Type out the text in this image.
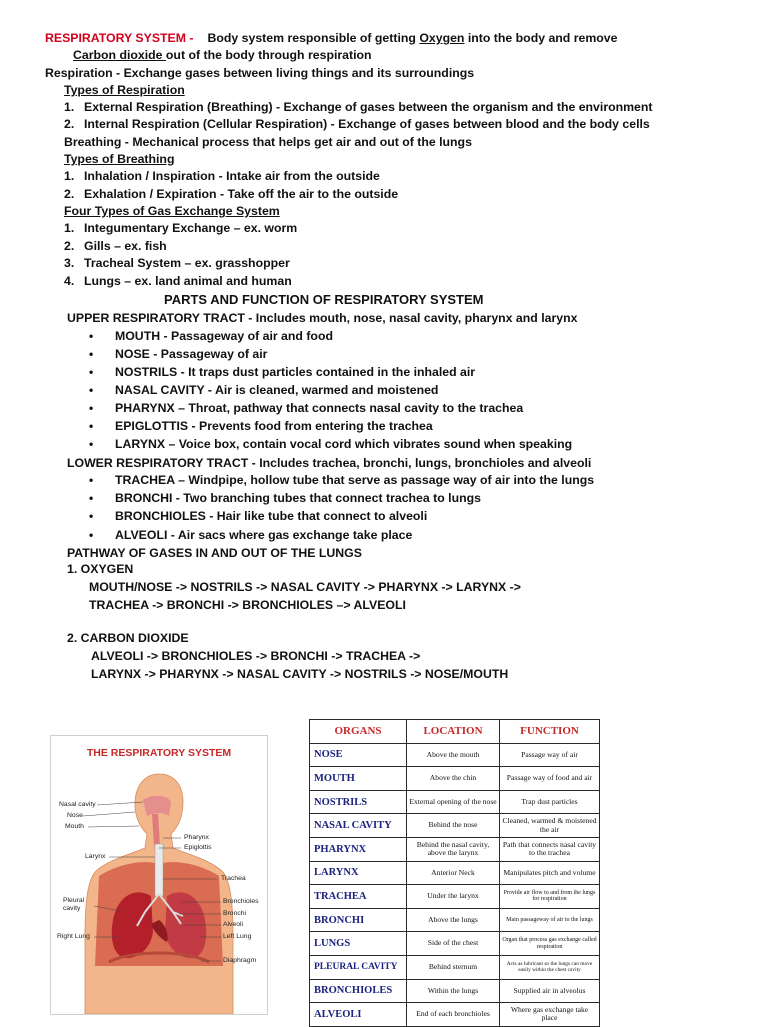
RESPIRATORY SYSTEM - Body system responsible of getting Oxygen into the body and remove
Carbon dioxide out of the body through respiration
Respiration - Exchange gases between living things and its surroundings
Types of Respiration
1. External Respiration (Breathing) - Exchange of gases between the organism and the environment
2. Internal Respiration (Cellular Respiration) - Exchange of gases between blood and the body cells
Breathing - Mechanical process that helps get air and out of the lungs
Types of Breathing
1. Inhalation / Inspiration - Intake air from the outside
2. Exhalation / Expiration - Take off the air to the outside
Four Types of Gas Exchange System
1. Integumentary Exchange – ex. worm
2. Gills – ex. fish
3. Tracheal System – ex. grasshopper
4. Lungs – ex. land animal and human
PARTS AND FUNCTION OF RESPIRATORY SYSTEM
UPPER RESPIRATORY TRACT - Includes mouth, nose, nasal cavity, pharynx and larynx
MOUTH - Passageway of air and food
NOSE - Passageway of air
NOSTRILS - It traps dust particles contained in the inhaled air
NASAL CAVITY - Air is cleaned, warmed and moistened
PHARYNX – Throat, pathway that connects nasal cavity to the trachea
EPIGLOTTIS - Prevents food from entering the trachea
LARYNX – Voice box, contain vocal cord which vibrates sound when speaking
LOWER RESPIRATORY TRACT - Includes trachea, bronchi, lungs, bronchioles and alveoli
TRACHEA – Windpipe, hollow tube that serve as passage way of air into the lungs
BRONCHI - Two branching tubes that connect trachea to lungs
BRONCHIOLES - Hair like tube that connect to alveoli
ALVEOLI - Air sacs where gas exchange take place
•
•
•
•
•
•
•
•
•
•
•
PATHWAY OF GASES IN AND OUT OF THE LUNGS
1. OXYGEN
MOUTH/NOSE -> NOSTRILS -> NASAL CAVITY -> PHARYNX -> LARYNX ->
TRACHEA -> BRONCHI -> BRONCHIOLES –> ALVEOLI
2. CARBON DIOXIDE
ALVEOLI -> BRONCHIOLES -> BRONCHI -> TRACHEA ->
LARYNX -> PHARYNX -> NASAL CAVITY -> NOSTRILS -> NOSE/MOUTH
THE RESPIRATORY SYSTEM
Nasal cavity
Nose
Mouth
Pharynx
Epiglottis
Larynx
Trachea
Pleural cavity
Bronchioles
Bronchi
Alveoli
Right Lung	Left Lung
Diaphragm
ORGANS	LOCATION	FUNCTION
NOSE	Above the mouth	Passage way of air
MOUTH	Above the chin	Passage way of food and air
NOSTRILS	External opening of the nose	Trap dust particles
NASAL CAVITY	Behind the nose	Cleaned, warmed & moistened the air
PHARYNX	Behind the nasal cavity, above the larynx	Path that connects nasal cavity to the trachea
LARYNX	Anterior Neck	Manipulates pitch and volume
TRACHEA	Under the larynx	Provide air flow to and from the lungs for respiration
BRONCHI	Above the lungs	Main passageway of air to the lungs
LUNGS	Side of the chest	Organ that process gas exchange called respiration
PLEURAL CAVITY	Behind sternum	Acts as lubricant so the lungs can move easily within the chest cavity
BRONCHIOLES	Within the lungs	Supplied air in alveolus
ALVEOLI	End of each bronchioles	Where gas exchange take place
